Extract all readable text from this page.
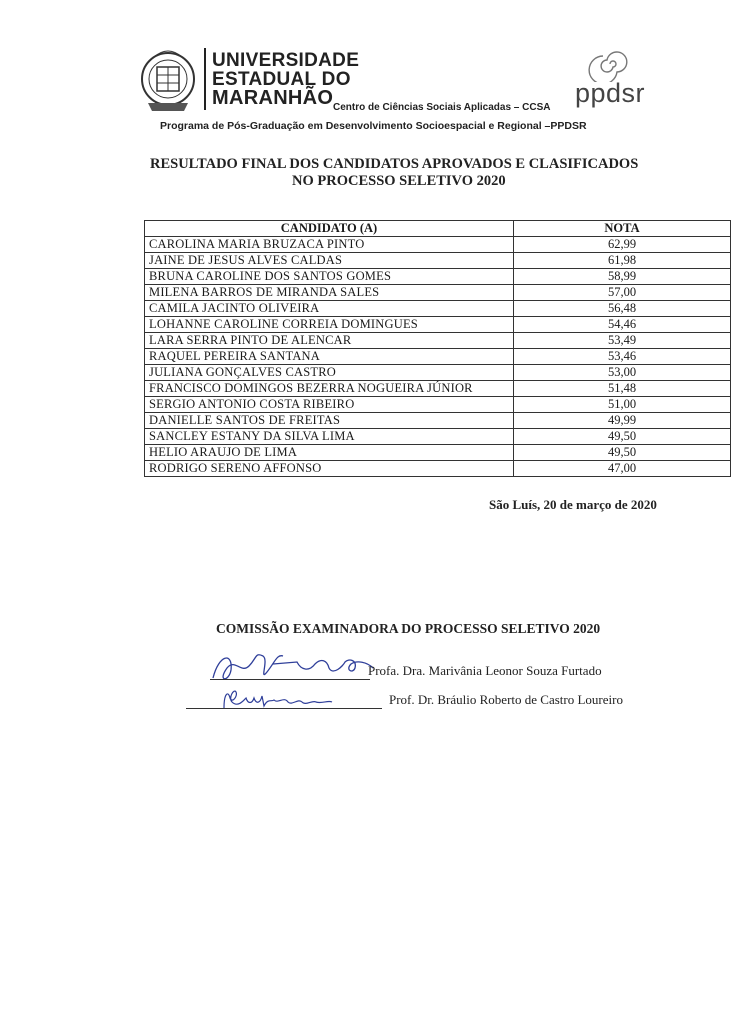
UNIVERSIDADE
ESTADUAL DO
MARANHÃO Centro de Ciências Sociais Aplicadas – CCSA ppdsr
Programa de Pós-Graduação em Desenvolvimento Socioespacial e Regional –PPDSR
RESULTADO FINAL DOS CANDIDATOS APROVADOS E CLASIFICADOS
NO PROCESSO SELETIVO 2020
CANDIDATO (A)	NOTA
CAROLINA MARIA BRUZACA PINTO	62,99
JAINE DE JESUS ALVES CALDAS	61,98
BRUNA CAROLINE DOS SANTOS GOMES	58,99
MILENA BARROS DE MIRANDA SALES	57,00
CAMILA JACINTO OLIVEIRA	56,48
LOHANNE CAROLINE CORREIA DOMINGUES	54,46
LARA SERRA PINTO DE ALENCAR	53,49
RAQUEL PEREIRA SANTANA	53,46
JULIANA GONÇALVES CASTRO	53,00
FRANCISCO DOMINGOS BEZERRA NOGUEIRA JÚNIOR	51,48
SERGIO ANTONIO COSTA RIBEIRO	51,00
DANIELLE SANTOS DE FREITAS	49,99
SANCLEY ESTANY DA SILVA LIMA	49,50
HELIO ARAUJO DE LIMA	49,50
RODRIGO SERENO AFFONSO	47,00
São Luís, 20 de março de 2020
COMISSÃO EXAMINADORA DO PROCESSO SELETIVO 2020
Profa. Dra. Marivânia Leonor Souza Furtado
Prof. Dr. Bráulio Roberto de Castro Loureiro
